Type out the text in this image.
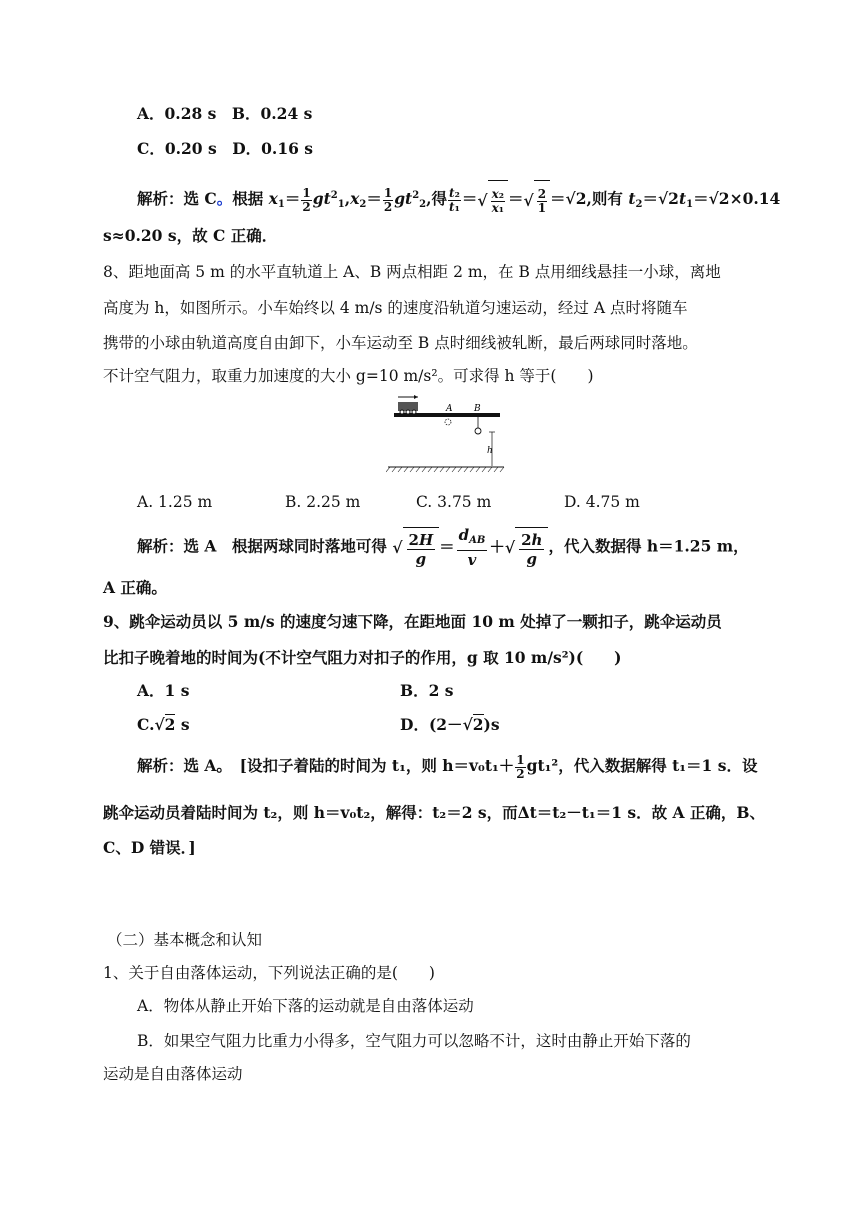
A．0.28 s　B．0.24 s
C．0.20 s　D．0.16 s
解析：选 C。根据 $x_1= \frac{1}{2} gt^2_1,x_2= \frac{1}{2} gt^2_2$,得 $\frac{\text{t₂}}{\text{t₁}}$ ＝√ $\frac{\text{x₂}}{\text{x₁}}$ ＝√ $\frac{2}{1} =√2$,则有 $t_2=√2t_1=√2\times 0.14$
s≈0.20 s，故 C 正确．
8、距地面高 5 m 的水平直轨道上 A、B 两点相距 2 m，在 B 点用细线悬挂一小球，离地
高度为 h，如图所示。小车始终以 4 m/s 的速度沿轨道匀速运动，经过 A 点时将随车
携带的小球由轨道高度自由卸下，小车运动至 B 点时细线被轧断，最后两球同时落地。
不计空气阻力，取重力加速度的大小 g=10 m/s²。可求得 h 等于(　　)
A B
h
A. 1.25 m	B. 2.25 m	C. 3.75 m	D. 4.75 m
解析：选 A　根据两球同时落地可得 √ $\frac{2H}{g}$ ＝
$d_{AB}$
v
＋√ $\frac{2h}{g}$ ，代入数据得 h＝1.25 m，
A 正确。
9、跳伞运动员以 5 m/s 的速度匀速下降，在距地面 10 m 处掉了一颗扣子，跳伞运动员
比扣子晚着地的时间为(不计空气阻力对扣子的作用，g 取 10 m/s²)(　　)
A．1 s	B．2 s
C.√2 s	D．(2－√2)s
解析：选 A。　[设扣子着陆的时间为 t₁，则 $h=v_0t_1+ \frac{1}{2} gt_1^2$，代入数据解得 t₁＝1 s．设
跳伞运动员着陆时间为 t₂，则 h＝v₀t₂，解得：t₂＝2 s，而Δt＝t₂－t₁＝1 s．故 A 正确，B、
C、D 错误．]
（二）基本概念和认知
1、关于自由落体运动，下列说法正确的是(　　)
A．物体从静止开始下落的运动就是自由落体运动
B．如果空气阻力比重力小得多，空气阻力可以忽略不计，这时由静止开始下落的
运动是自由落体运动
